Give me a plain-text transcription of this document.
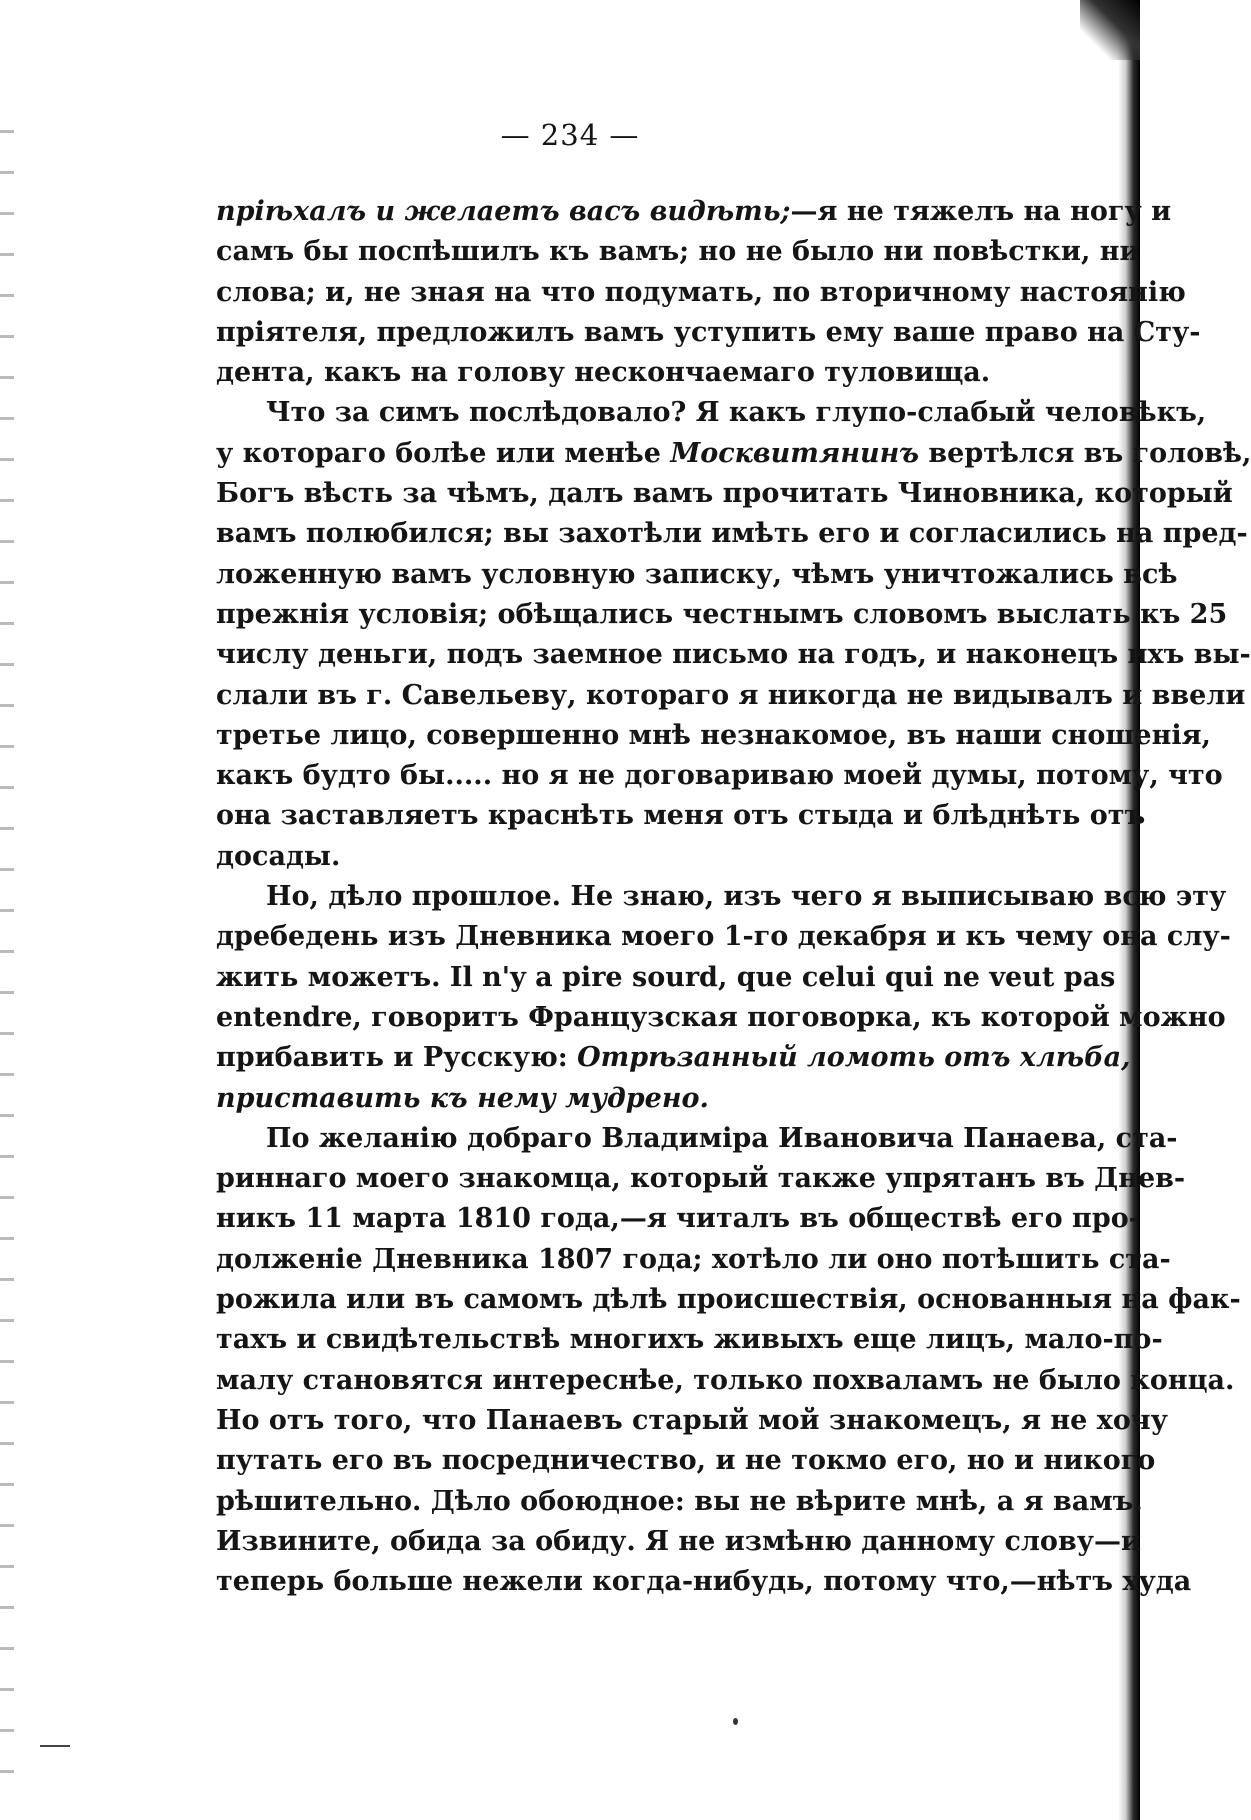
— 234 —
пріѣхалъ и желаетъ васъ видѣть;—я не тяжелъ на ногу и
самъ бы поспѣшилъ къ вамъ; но не было ни повѣстки, ни
слова; и, не зная на что подумать, по вторичному настоянію
пріятеля, предложилъ вамъ уступить ему ваше право на Сту-
дента, какъ на голову нескончаемаго туловища.
Что за симъ послѣдовало? Я какъ глупо-слабый человѣкъ,
у котораго болѣе или менѣе Москвитянинъ вертѣлся въ головѣ,
Богъ вѣсть за чѣмъ, далъ вамъ прочитать Чиновника, который
вамъ полюбился; вы захотѣли имѣть его и согласились на пред-
ложенную вамъ условную записку, чѣмъ уничтожались всѣ
прежнія условія; обѣщались честнымъ словомъ выслать къ 25
числу деньги, подъ заемное письмо на годъ, и наконецъ ихъ вы-
слали въ г. Савельеву, котораго я никогда не видывалъ и ввели
третье лицо, совершенно мнѣ незнакомое, въ наши сношенія,
какъ будто бы..... но я не договариваю моей думы, потому, что
она заставляетъ краснѣть меня отъ стыда и блѣднѣть отъ
досады.
Но, дѣло прошлое. Не знаю, изъ чего я выписываю всю эту
дребедень изъ Дневника моего 1-го декабря и къ чему она слу-
жить можетъ. Il n'y a pire sourd, que celui qui ne veut pas
entendre, говоритъ Французская поговорка, къ которой можно
прибавить и Русскую: Отрѣзанный ломоть отъ хлѣба,
приставить къ нему мудрено.
По желанію добраго Владиміра Ивановича Панаева, ста-
риннаго моего знакомца, который также упрятанъ въ Днев-
никъ 11 марта 1810 года,—я читалъ въ обществѣ его про-
долженіе Дневника 1807 года; хотѣло ли оно потѣшить ста-
рожила или въ самомъ дѣлѣ происшествія, основанныя на фак-
тахъ и свидѣтельствѣ многихъ живыхъ еще лицъ, мало-по-
малу становятся интереснѣе, только похваламъ не было конца.
Но отъ того, что Панаевъ старый мой знакомецъ, я не хочу
путать его въ посредничество, и не токмо его, но и никого
рѣшительно. Дѣло обоюдное: вы не вѣрите мнѣ, а я вамъ.
Извините, обида за обиду. Я не измѣню данному слову—и
теперь больше нежели когда-нибудь, потому что,—нѣтъ худа
